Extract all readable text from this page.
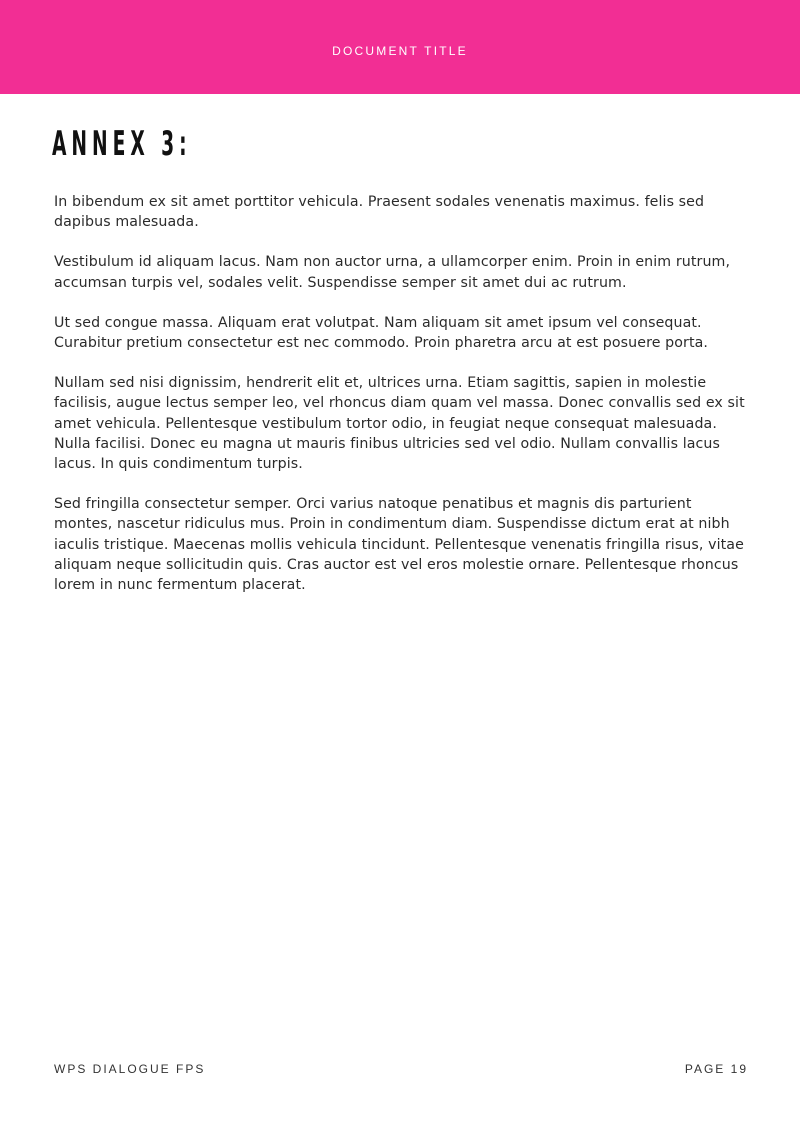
DOCUMENT TITLE
ANNEX 3:

In bibendum ex sit amet porttitor vehicula. Praesent sodales venenatis maximus. felis sed dapibus malesuada.

Vestibulum id aliquam lacus. Nam non auctor urna, a ullamcorper enim. Proin in enim rutrum, accumsan turpis vel, sodales velit. Suspendisse semper sit amet dui ac rutrum.

Ut sed congue massa. Aliquam erat volutpat. Nam aliquam sit amet ipsum vel consequat. Curabitur pretium consectetur est nec commodo. Proin pharetra arcu at est posuere porta.

Nullam sed nisi dignissim, hendrerit elit et, ultrices urna. Etiam sagittis, sapien in molestie facilisis, augue lectus semper leo, vel rhoncus diam quam vel massa. Donec convallis sed ex sit amet vehicula. Pellentesque vestibulum tortor odio, in feugiat neque consequat malesuada. Nulla facilisi. Donec eu magna ut mauris finibus ultricies sed vel odio. Nullam convallis lacus lacus. In quis condimentum turpis.

Sed fringilla consectetur semper. Orci varius natoque penatibus et magnis dis parturient montes, nascetur ridiculus mus. Proin in condimentum diam. Suspendisse dictum erat at nibh iaculis tristique. Maecenas mollis vehicula tincidunt. Pellentesque venenatis fringilla risus, vitae aliquam neque sollicitudin quis. Cras auctor est vel eros molestie ornare. Pellentesque rhoncus lorem in nunc fermentum placerat.

WPS DIALOGUE FPS	PAGE 19
